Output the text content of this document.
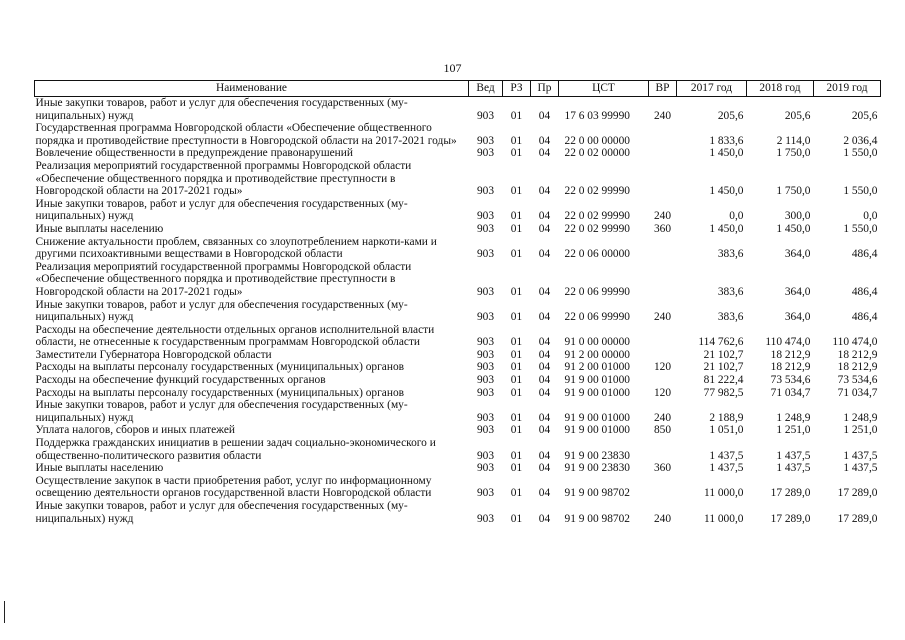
107
Наименование	Вед	РЗ	Пр	ЦСТ	ВР	2017 год	2018 год	2019 год
Иные закупки товаров, работ и услуг для обеспечения государственных (му-ниципальных) нужд	903	01	04	17 6 03 99990	240	205,6	205,6	205,6
Государственная программа Новгородской области «Обеспечение общественного порядка и противодействие преступности в Новгородской области на 2017-2021 годы»	903	01	04	22 0 00 00000		1 833,6	2 114,0	2 036,4
Вовлечение общественности в предупреждение правонарушений	903	01	04	22 0 02 00000		1 450,0	1 750,0	1 550,0
Реализация мероприятий государственной программы Новгородской области «Обеспечение общественного порядка и противодействие преступности в Новгородской области на 2017-2021 годы»	903	01	04	22 0 02 99990		1 450,0	1 750,0	1 550,0
Иные закупки товаров, работ и услуг для обеспечения государственных (му-ниципальных) нужд	903	01	04	22 0 02 99990	240	0,0	300,0	0,0
Иные выплаты населению	903	01	04	22 0 02 99990	360	1 450,0	1 450,0	1 550,0
Снижение актуальности проблем, связанных со злоупотреблением наркоти-ками и другими психоактивными веществами в Новгородской области	903	01	04	22 0 06 00000		383,6	364,0	486,4
Реализация мероприятий государственной программы Новгородской области «Обеспечение общественного порядка и противодействие преступности в Новгородской области на 2017-2021 годы»	903	01	04	22 0 06 99990		383,6	364,0	486,4
Иные закупки товаров, работ и услуг для обеспечения государственных (му-ниципальных) нужд	903	01	04	22 0 06 99990	240	383,6	364,0	486,4
Расходы на обеспечение деятельности отдельных органов исполнительной власти области, не отнесенные к государственным программам Новгородской области	903	01	04	91 0 00 00000		114 762,6	110 474,0	110 474,0
Заместители Губернатора Новгородской области	903	01	04	91 2 00 00000		21 102,7	18 212,9	18 212,9
Расходы на выплаты персоналу государственных (муниципальных) органов	903	01	04	91 2 00 01000	120	21 102,7	18 212,9	18 212,9
Расходы на обеспечение функций государственных органов	903	01	04	91 9 00 01000		81 222,4	73 534,6	73 534,6
Расходы на выплаты персоналу государственных (муниципальных) органов	903	01	04	91 9 00 01000	120	77 982,5	71 034,7	71 034,7
Иные закупки товаров, работ и услуг для обеспечения государственных (му-ниципальных) нужд	903	01	04	91 9 00 01000	240	2 188,9	1 248,9	1 248,9
Уплата налогов, сборов и иных платежей	903	01	04	91 9 00 01000	850	1 051,0	1 251,0	1 251,0
Поддержка гражданских инициатив в решении задач социально-экономического и общественно-политического развития области	903	01	04	91 9 00 23830		1 437,5	1 437,5	1 437,5
Иные выплаты населению	903	01	04	91 9 00 23830	360	1 437,5	1 437,5	1 437,5
Осуществление закупок в части приобретения работ, услуг по информационному освещению деятельности органов государственной власти Новгородской области	903	01	04	91 9 00 98702		11 000,0	17 289,0	17 289,0
Иные закупки товаров, работ и услуг для обеспечения государственных (му-ниципальных) нужд	903	01	04	91 9 00 98702	240	11 000,0	17 289,0	17 289,0
